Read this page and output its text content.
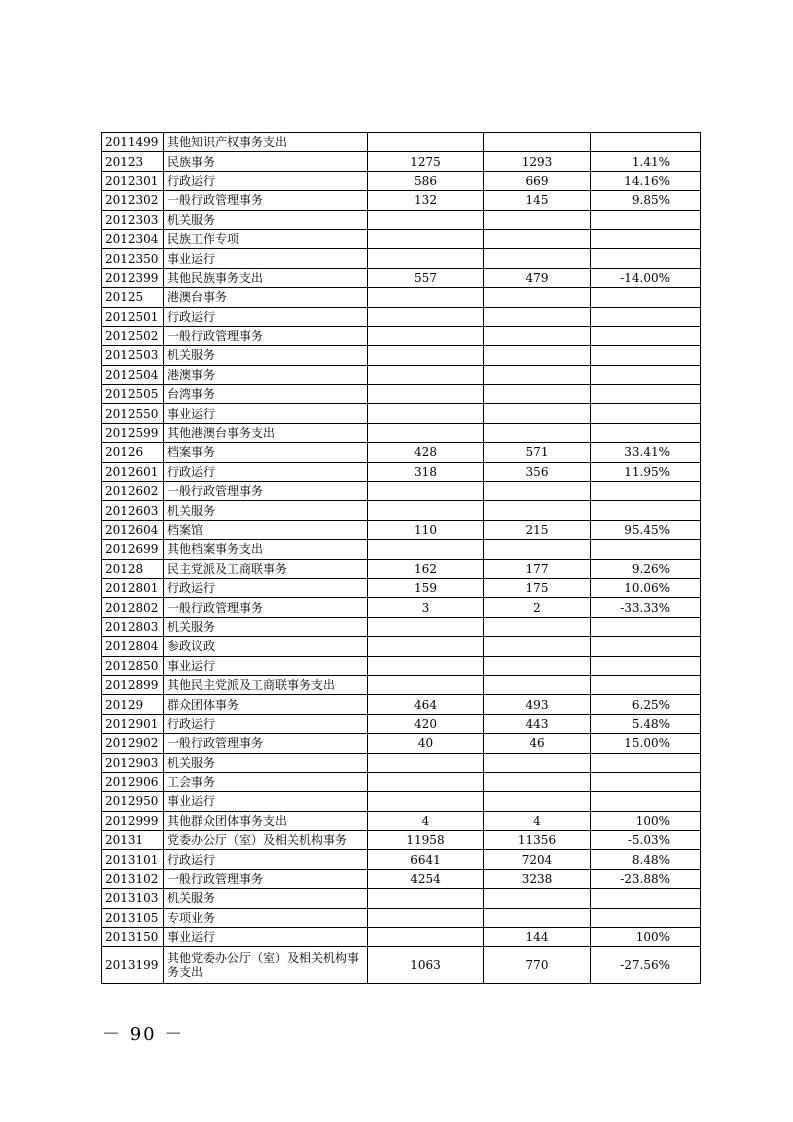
2011499	其他知识产权事务支出			
20123	民族事务	1275	1293	1.41%
2012301	行政运行	586	669	14.16%
2012302	一般行政管理事务	132	145	9.85%
2012303	机关服务			
2012304	民族工作专项			
2012350	事业运行			
2012399	其他民族事务支出	557	479	-14.00%
20125	港澳台事务			
2012501	行政运行			
2012502	一般行政管理事务			
2012503	机关服务			
2012504	港澳事务			
2012505	台湾事务			
2012550	事业运行			
2012599	其他港澳台事务支出			
20126	档案事务	428	571	33.41%
2012601	行政运行	318	356	11.95%
2012602	一般行政管理事务			
2012603	机关服务			
2012604	档案馆	110	215	95.45%
2012699	其他档案事务支出			
20128	民主党派及工商联事务	162	177	9.26%
2012801	行政运行	159	175	10.06%
2012802	一般行政管理事务	3	2	-33.33%
2012803	机关服务			
2012804	参政议政			
2012850	事业运行			
2012899	其他民主党派及工商联事务支出			
20129	群众团体事务	464	493	6.25%
2012901	行政运行	420	443	5.48%
2012902	一般行政管理事务	40	46	15.00%
2012903	机关服务			
2012906	工会事务			
2012950	事业运行			
2012999	其他群众团体事务支出	4	4	100%
20131	党委办公厅（室）及相关机构事务	11958	11356	-5.03%
2013101	行政运行	6641	7204	8.48%
2013102	一般行政管理事务	4254	3238	-23.88%
2013103	机关服务			
2013105	专项业务			
2013150	事业运行		144	100%
2013199	其他党委办公厅（室）及相关机构事务支出	1063	770	-27.56%
－ 90 －
